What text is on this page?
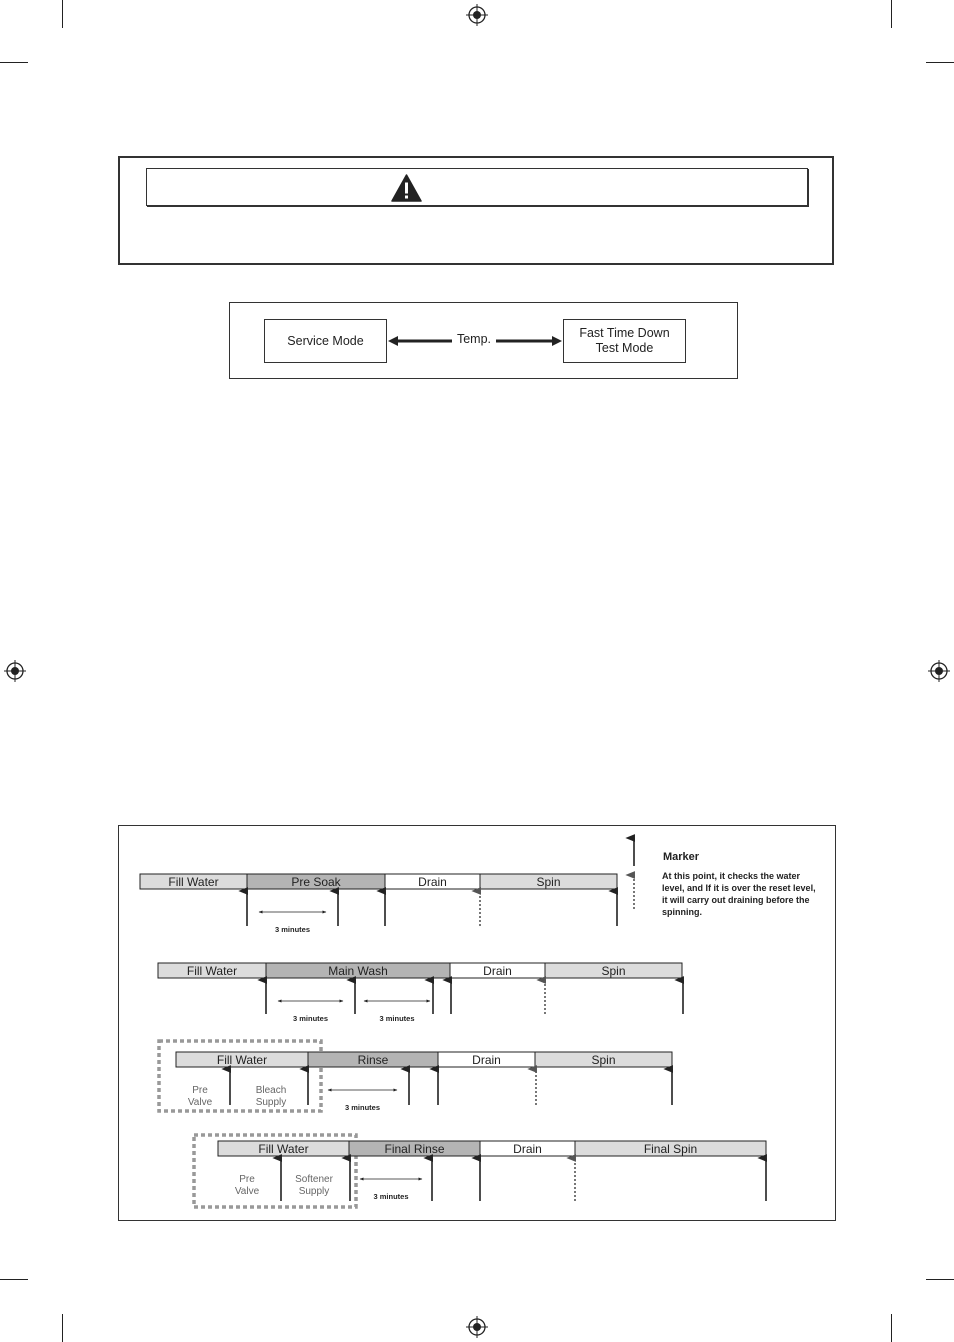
Service Mode
Fast Time Down
Test Mode
Temp.
Fill Water	Pre Soak	Drain	Spin
3 minutes
Fill Water	Main Wash	Drain	Spin
3 minutes	3 minutes
Fill Water	Rinse	Drain	Spin
3 minutes
Pre Valve
Bleach Supply
Fill Water	Final Rinse	Drain	Final Spin
3 minutes
Pre Valve
Softener Supply
Marker
At this point, it checks the water level, and If it is over the reset level, it will carry out draining before the spinning.
